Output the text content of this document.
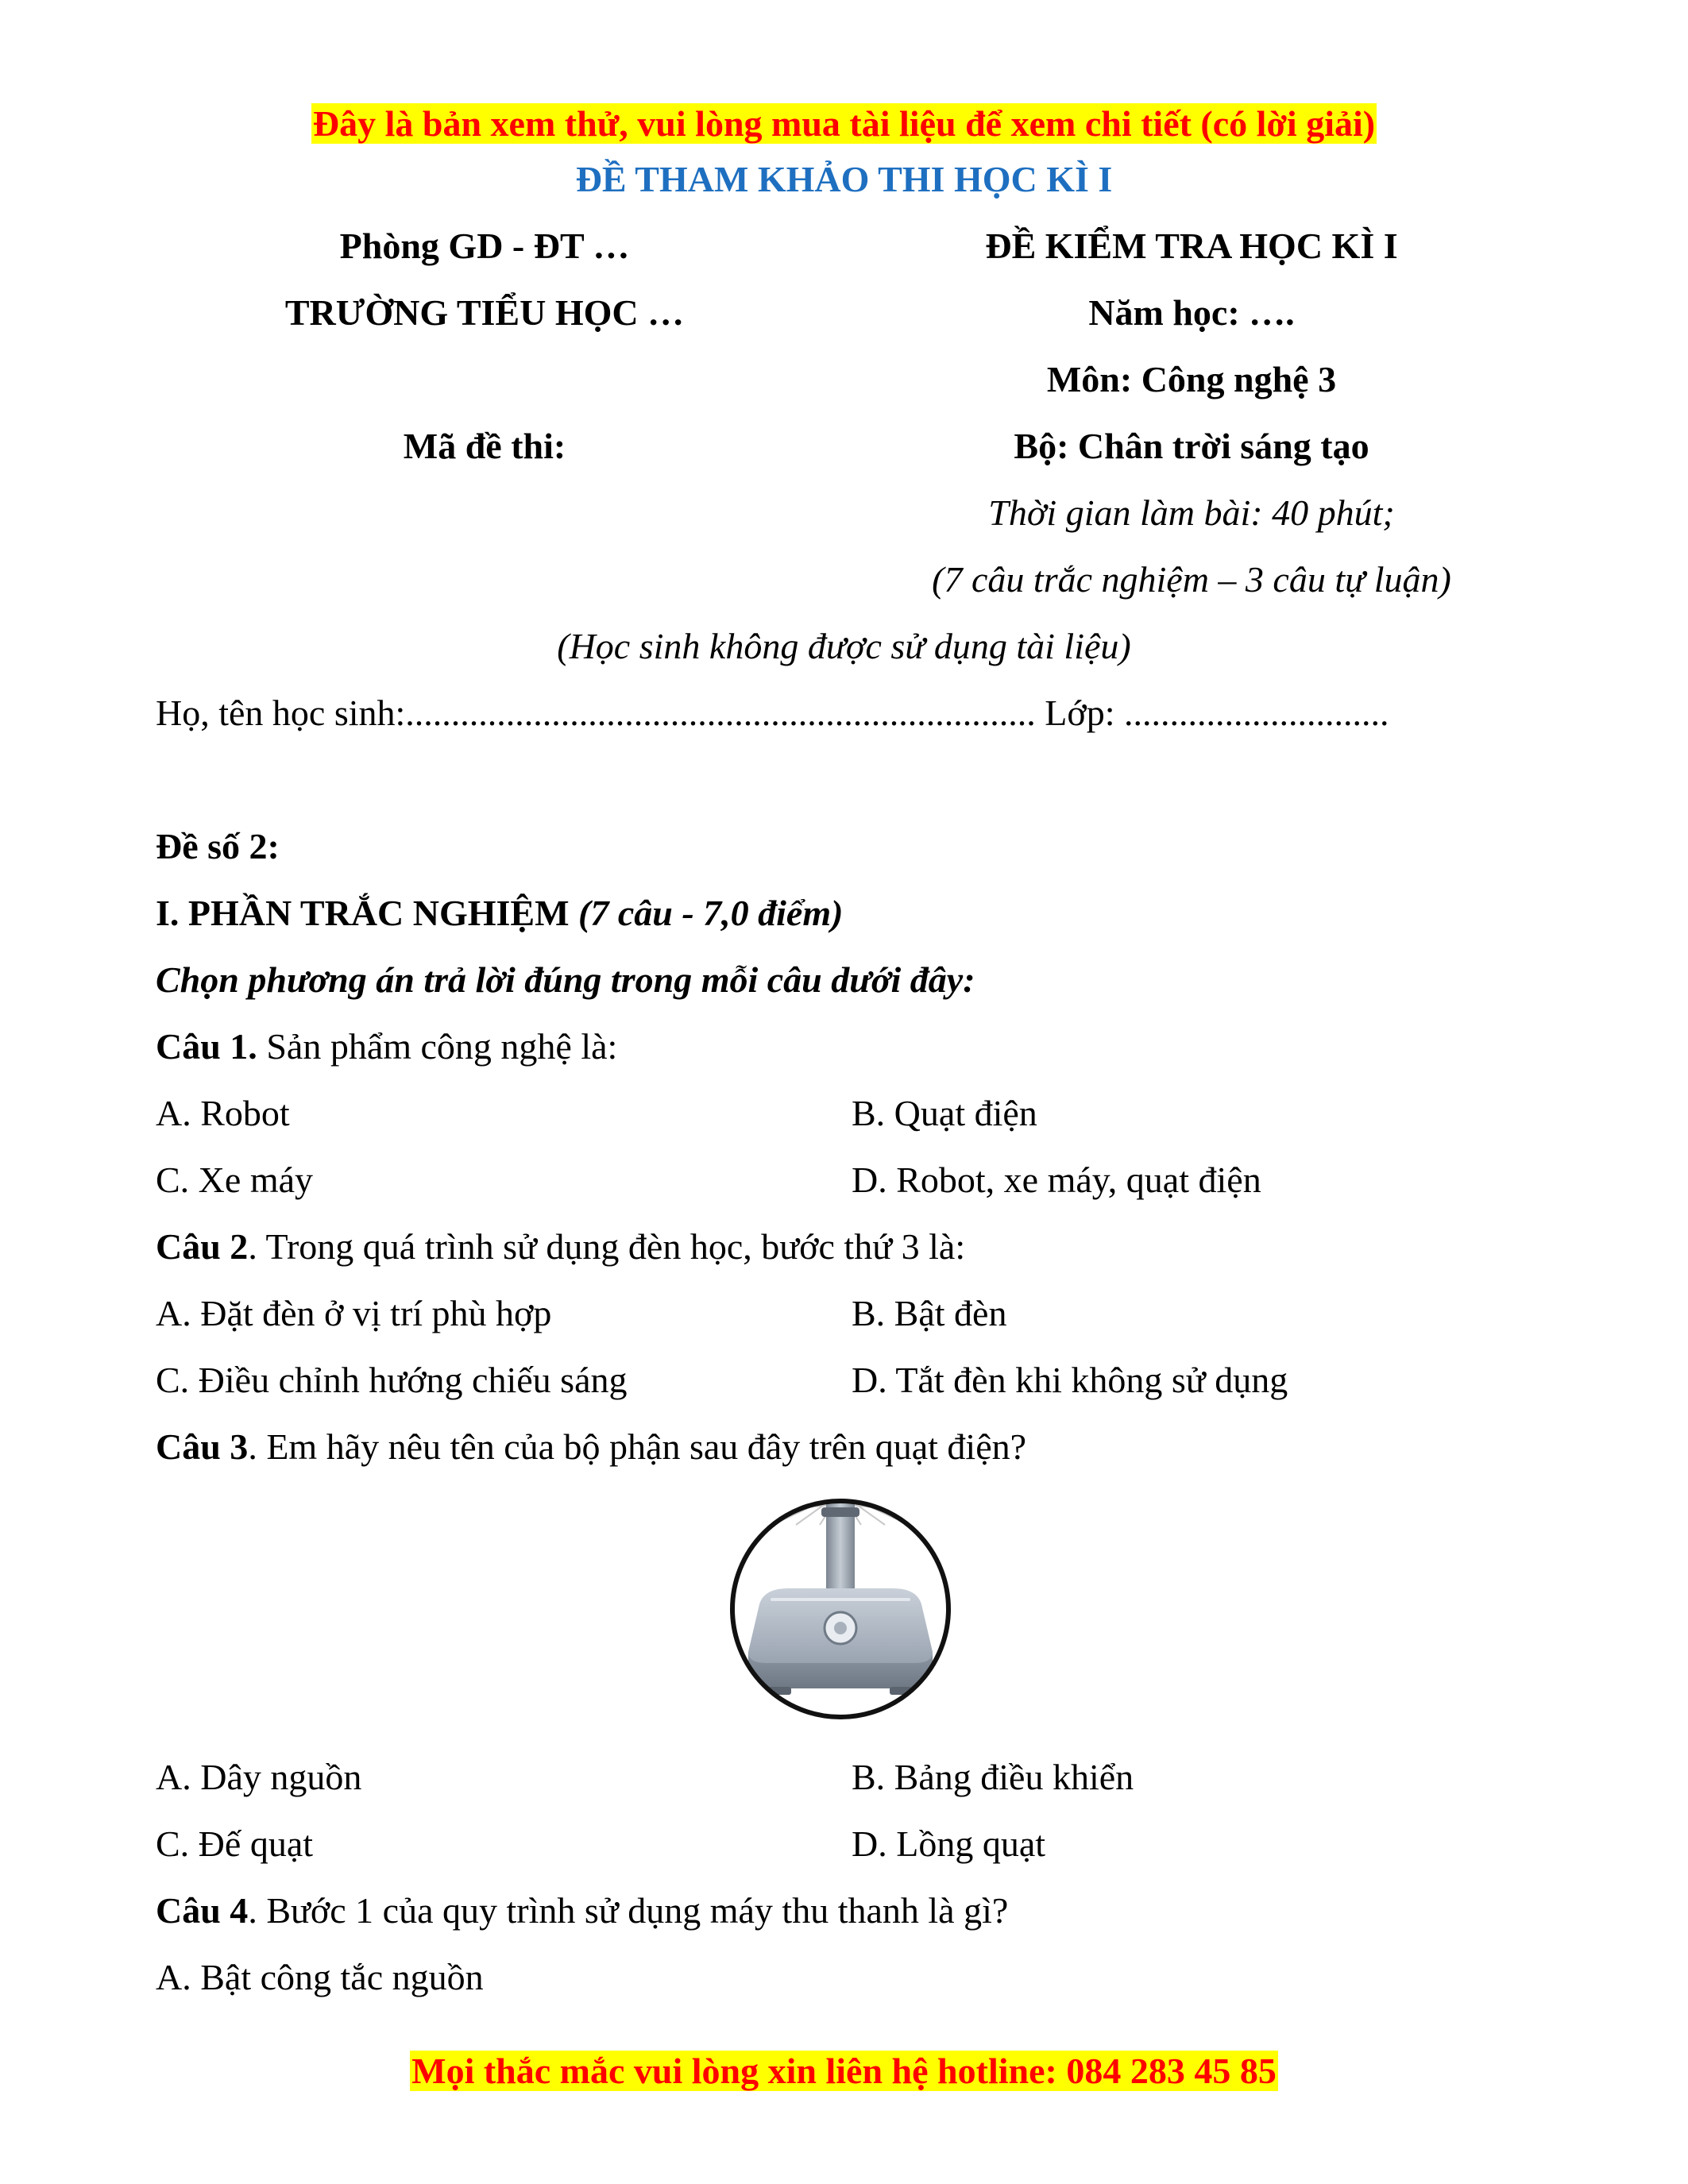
Đây là bản xem thử, vui lòng mua tài liệu để xem chi tiết (có lời giải)
ĐỀ THAM KHẢO THI HỌC KÌ I
Phòng GD - ĐT …
TRƯỜNG TIỂU HỌC …
Mã đề thi:
ĐỀ KIỂM TRA HỌC KÌ I
Năm học: ….
Môn: Công nghệ 3
Bộ: Chân trời sáng tạo
Thời gian làm bài: 40 phút;
(7 câu trắc nghiệm – 3 câu tự luận)
(Học sinh không được sử dụng tài liệu)
Họ, tên học sinh:..................................................................... Lớp: .............................
Đề số 2:
I. PHẦN TRẮC NGHIỆM (7 câu - 7,0 điểm)
Chọn phương án trả lời đúng trong mỗi câu dưới đây:
Câu 1. Sản phẩm công nghệ là:
A. Robot	B. Quạt điện
C. Xe máy	D. Robot, xe máy, quạt điện
Câu 2. Trong quá trình sử dụng đèn học, bước thứ 3 là:
A. Đặt đèn ở vị trí phù hợp	B. Bật đèn
C. Điều chỉnh hướng chiếu sáng	D. Tắt đèn khi không sử dụng
Câu 3. Em hãy nêu tên của bộ phận sau đây trên quạt điện?
A. Dây nguồn	B. Bảng điều khiển
C. Đế quạt	D. Lồng quạt
Câu 4. Bước 1 của quy trình sử dụng máy thu thanh là gì?
A. Bật công tắc nguồn
Mọi thắc mắc vui lòng xin liên hệ hotline: 084 283 45 85
